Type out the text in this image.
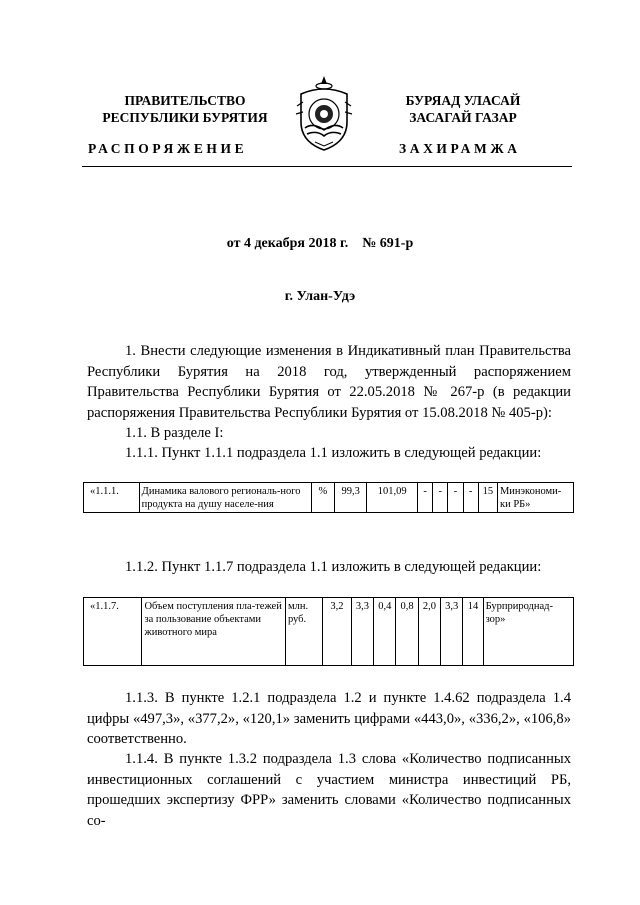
ПРАВИТЕЛЬСТВО
РЕСПУБЛИКИ БУРЯТИЯ
БУРЯАД УЛАСАЙ
ЗАСАГАЙ ГАЗАР
РАСПОРЯЖЕНИЕ	ЗАХИРАМЖА
от 4 декабря 2018 г.    № 691-р
г. Улан-Удэ
1. Внести следующие изменения в Индикативный план Правительства Республики Бурятия на 2018 год, утвержденный распоряжением Правительства Республики Бурятия от 22.05.2018 № 267-р (в редакции распоряжения Правительства Республики Бурятия от 15.08.2018 № 405-р):
1.1. В разделе I:
1.1.1. Пункт 1.1.1 подраздела 1.1 изложить в следующей редакции:
«1.1.1.	Динамика валового региональ-ного продукта на душу населе-ния	%	99,3	101,09	-	-	-	-	15	Минэкономи-ки РБ»
1.1.2. Пункт 1.1.7 подраздела 1.1 изложить в следующей редакции:
«1.1.7.	Объем поступления пла-тежей за пользование объектами животного мира	млн. руб.	3,2	3,3	0,4	0,8	2,0	3,3	14	Бурприроднад-зор»
1.1.3. В пункте 1.2.1 подраздела 1.2 и пункте 1.4.62 подраздела 1.4 цифры «497,3», «377,2», «120,1» заменить цифрами «443,0», «336,2», «106,8» соответственно.
1.1.4. В пункте 1.3.2 подраздела 1.3 слова «Количество подписанных инвестиционных соглашений с участием министра инвестиций РБ, прошедших экспертизу ФРР» заменить словами «Количество подписанных со-
